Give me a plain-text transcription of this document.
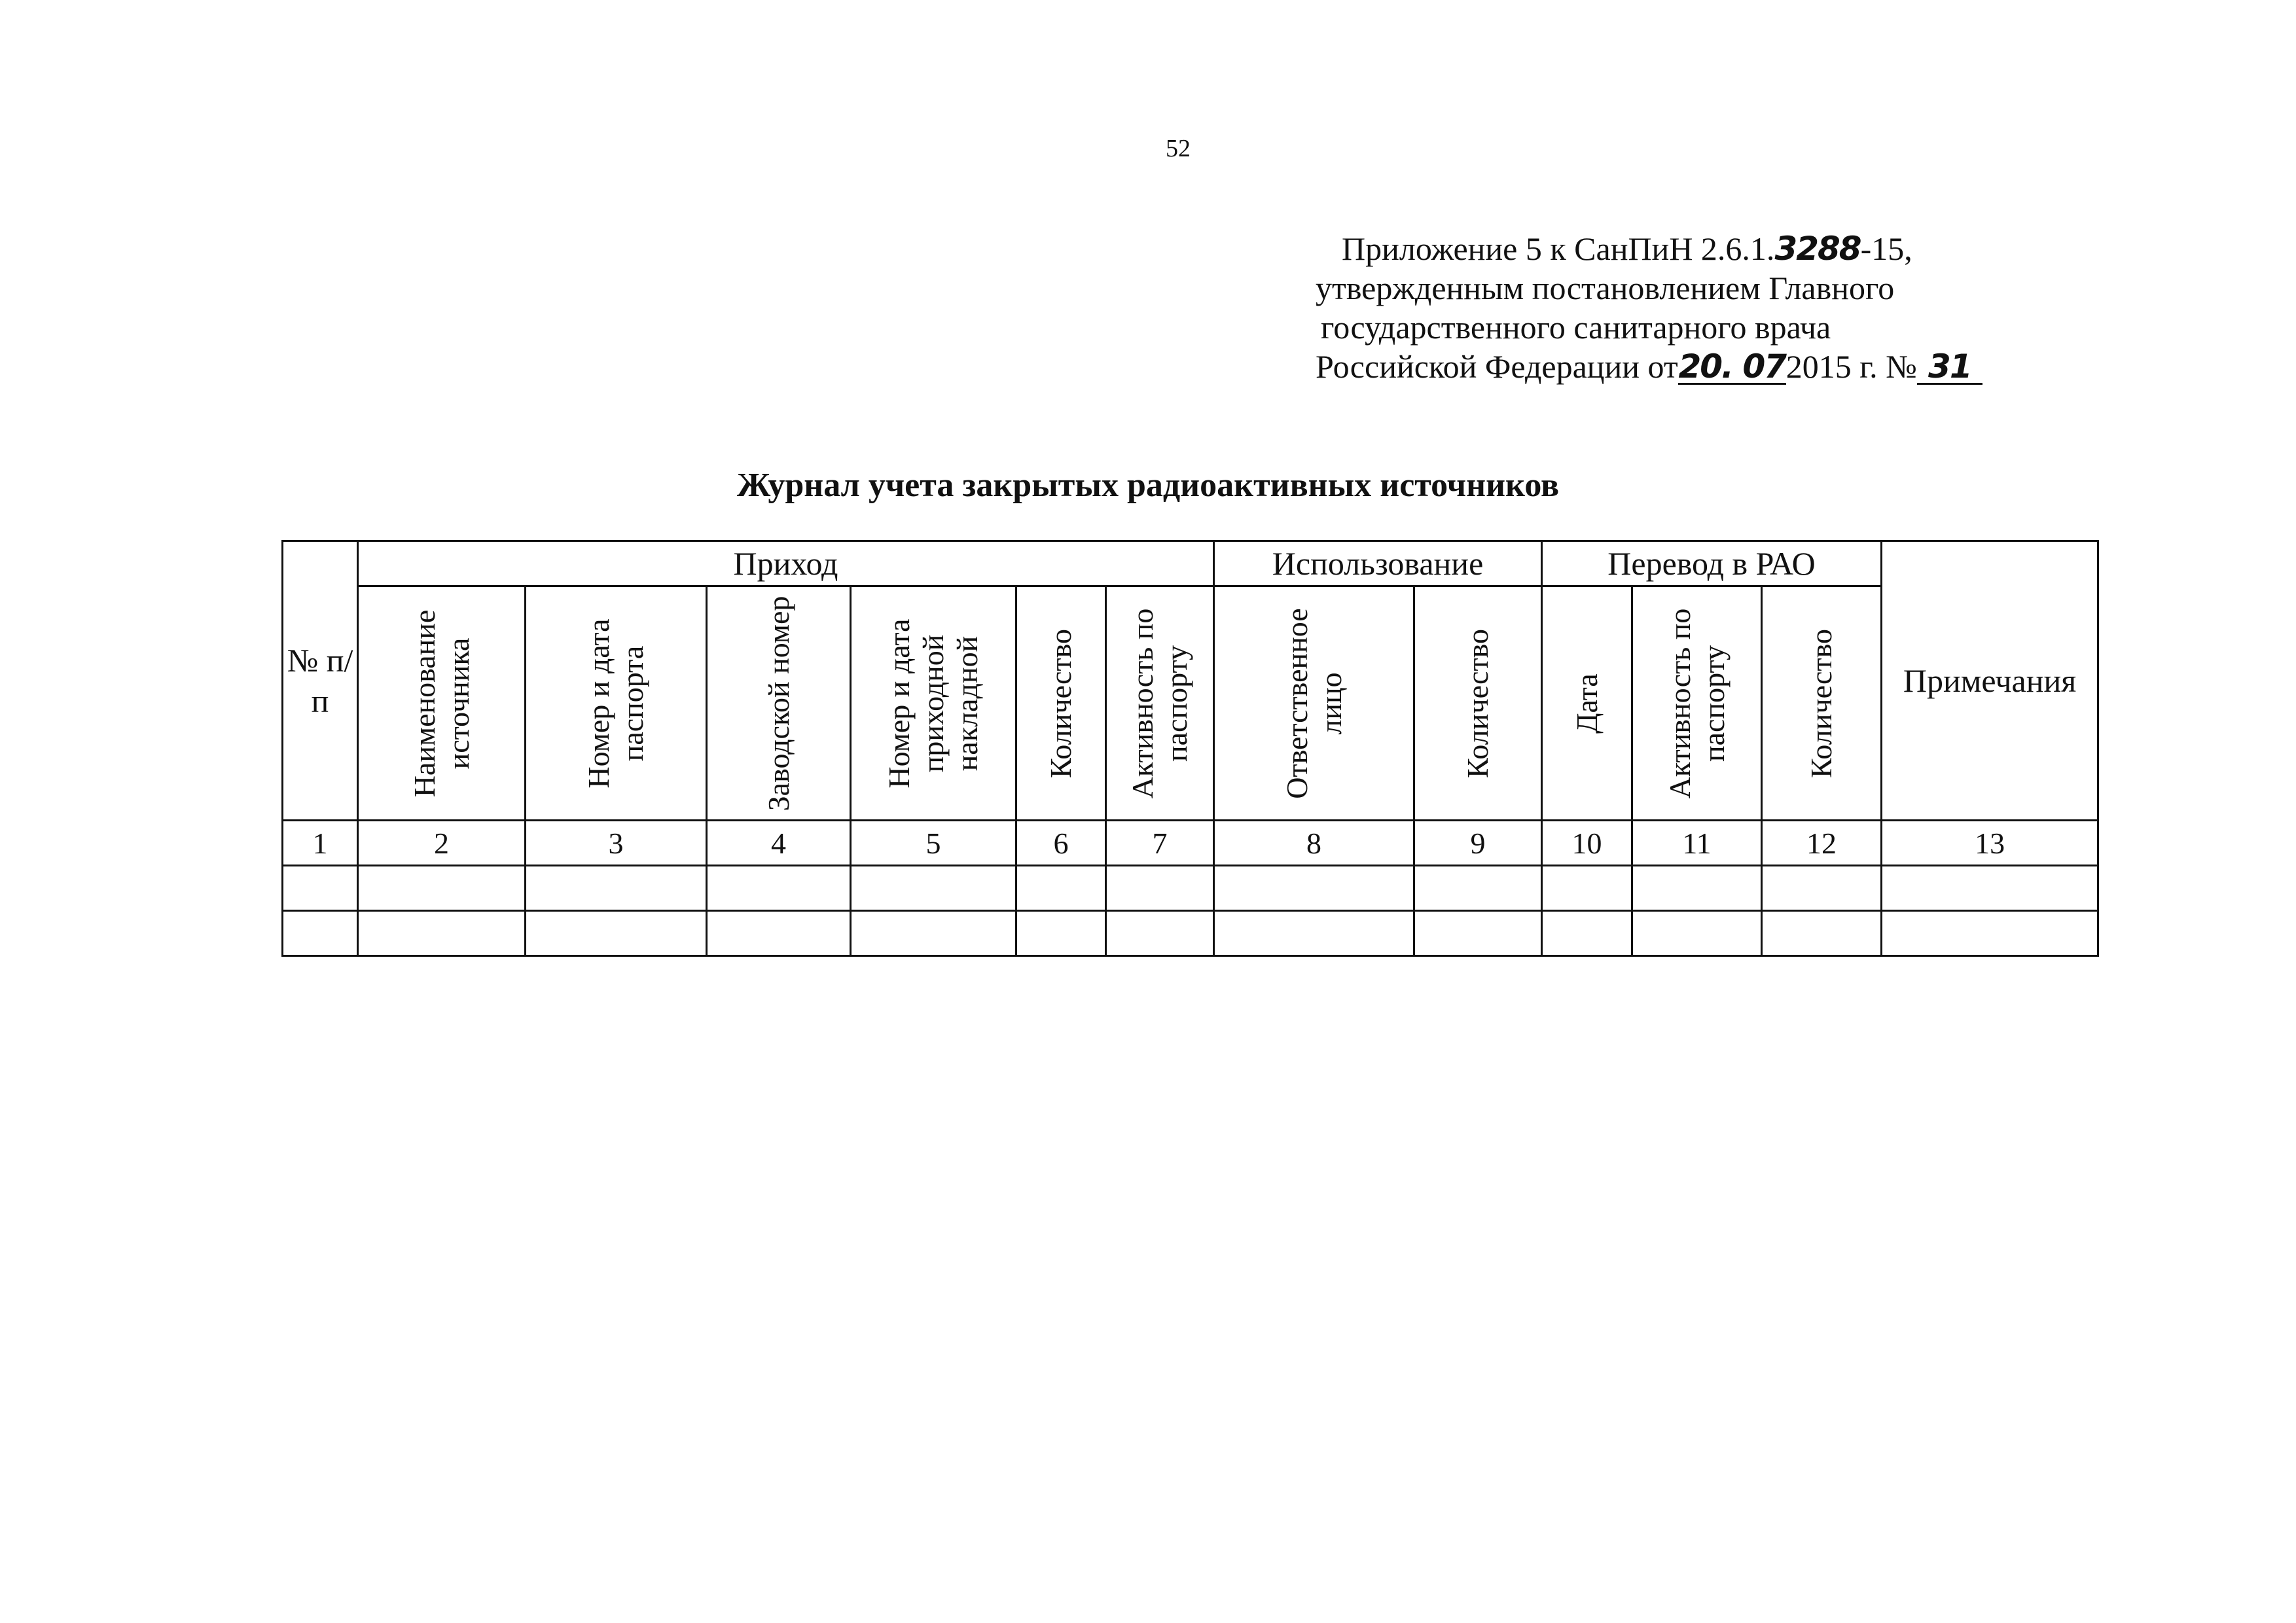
52
Приложение 5 к СанПиН 2.6.1.3288-15,
утвержденным постановлением Главного
государственного санитарного врача
Российской Федерации от20. 072015 г. № 31
Журнал учета закрытых радиоактивных источников
№ п/п	Приход						Использование		Перевод в РАО			Примечания

	Наименование источника	Номер и дата паспорта	Заводской номер	Номер и дата приходной накладной	Количество	Активность по паспорту	Ответственное лицо	Количество	Дата	Активность по паспорту	Количество	

1	2	3	4	5	6	7	8	9	10	11	12	13
